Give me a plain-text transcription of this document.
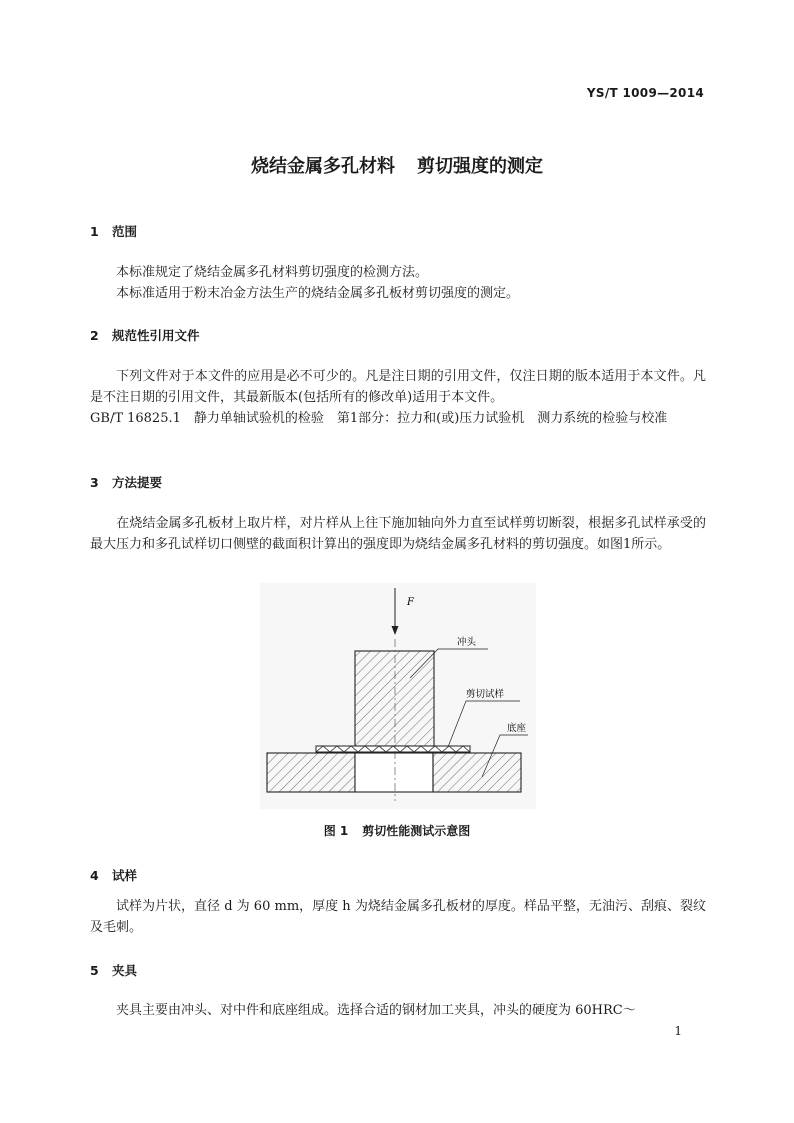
YS/T 1009—2014
烧结金属多孔材料 剪切强度的测定
1 范围
本标准规定了烧结金属多孔材料剪切强度的检测方法。
本标准适用于粉末冶金方法生产的烧结金属多孔板材剪切强度的测定。
2 规范性引用文件
下列文件对于本文件的应用是必不可少的。凡是注日期的引用文件，仅注日期的版本适用于本文件。凡是不注日期的引用文件，其最新版本(包括所有的修改单)适用于本文件。
GB/T 16825.1　静力单轴试验机的检验　第1部分：拉力和(或)压力试验机　测力系统的检验与校准
3 方法提要
在烧结金属多孔板材上取片样，对片样从上往下施加轴向外力直至试样剪切断裂，根据多孔试样承受的最大压力和多孔试样切口侧壁的截面积计算出的强度即为烧结金属多孔材料的剪切强度。如图1所示。
F
冲头
剪切试样
底座
图 1 剪切性能测试示意图
4 试样
试样为片状，直径 d 为 60 mm，厚度 h 为烧结金属多孔板材的厚度。样品平整，无油污、刮痕、裂纹及毛刺。
5 夹具
夹具主要由冲头、对中件和底座组成。选择合适的钢材加工夹具，冲头的硬度为 60HRC～
1
